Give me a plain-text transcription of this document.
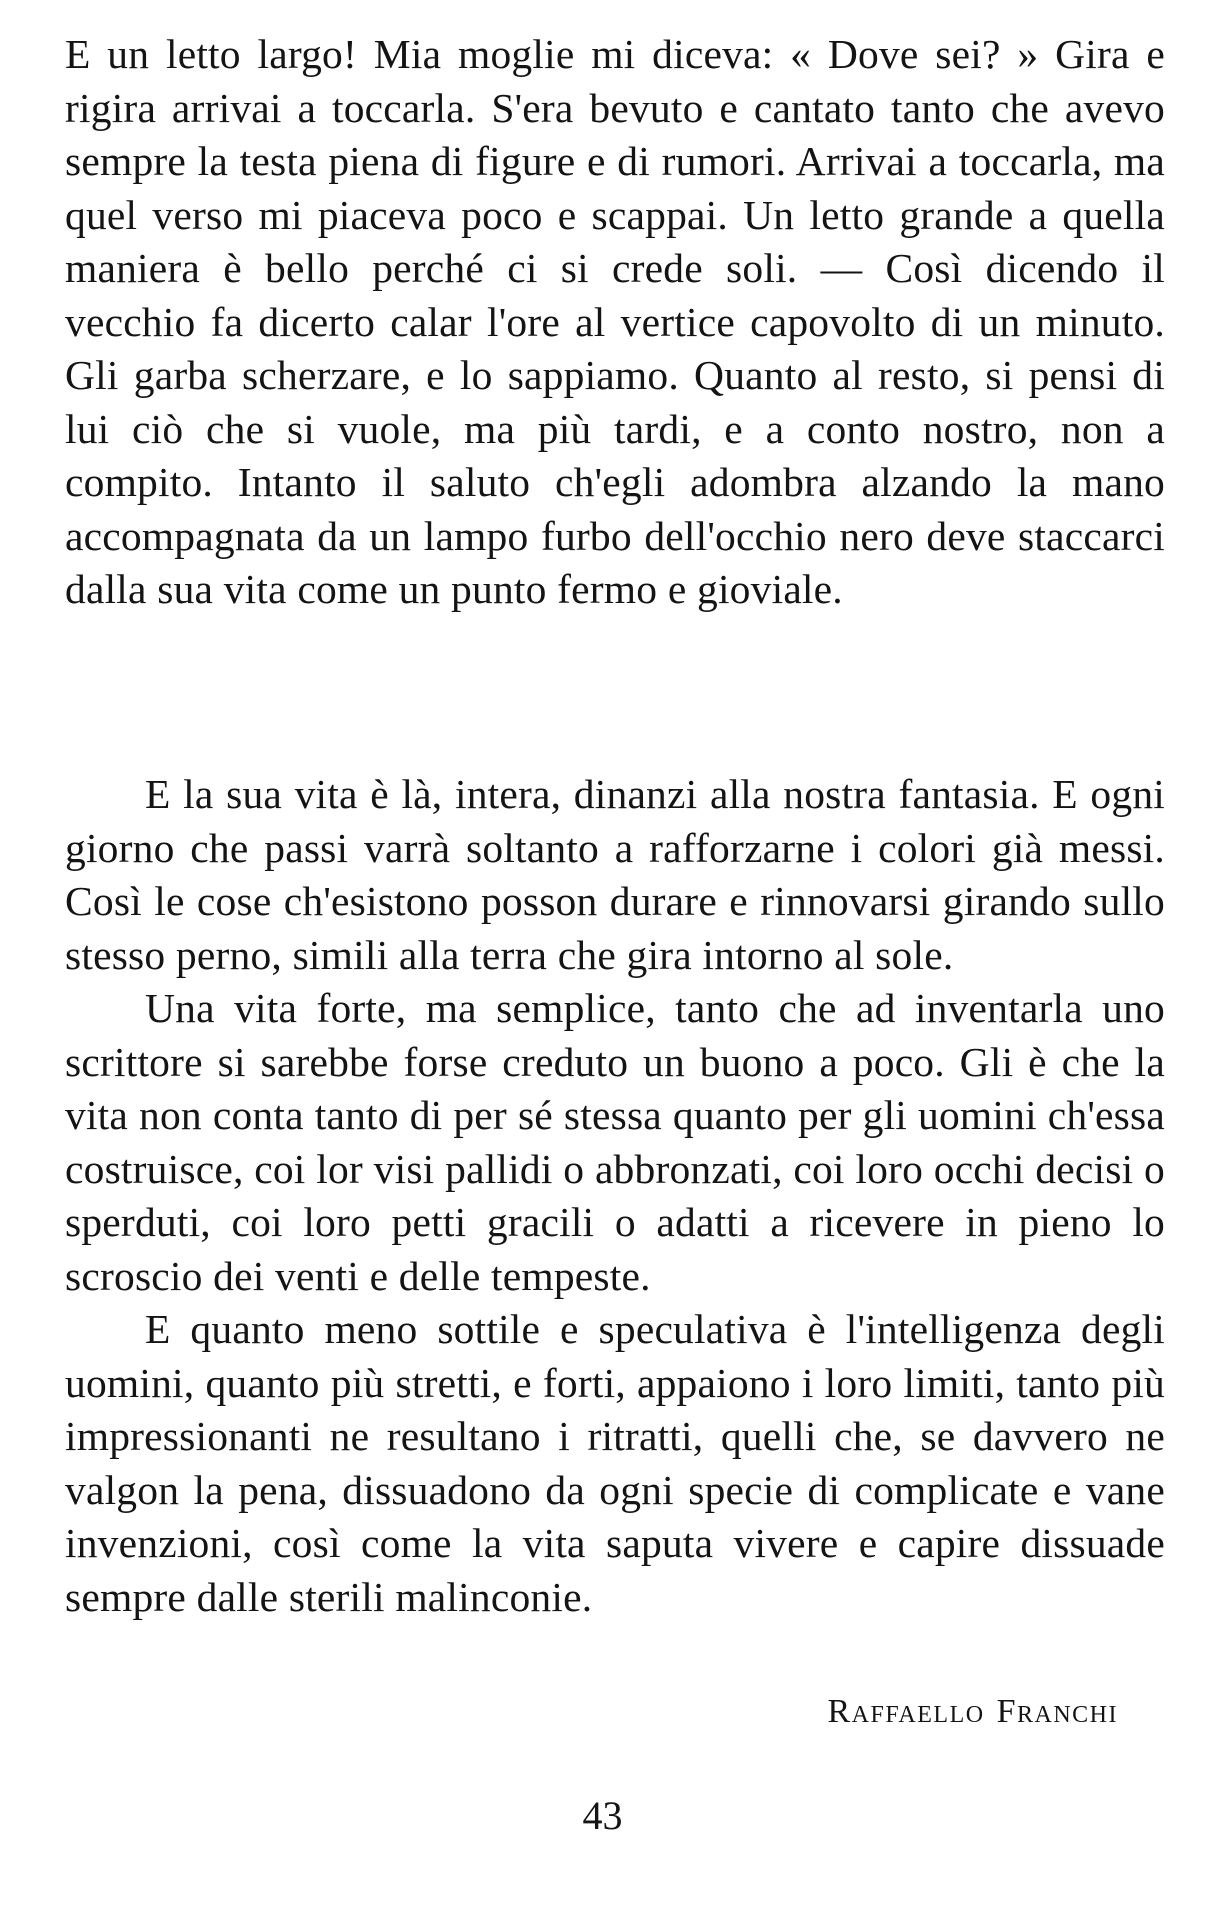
E un letto largo! Mia moglie mi diceva: « Dove sei? » Gira e rigira arrivai a toccarla. S'era bevuto e cantato tanto che avevo sempre la testa piena di figure e di rumori. Arrivai a toccarla, ma quel verso mi piaceva poco e scappai. Un letto grande a quella maniera è bello perché ci si crede soli. — Così dicendo il vecchio fa dicerto calar l'ore al vertice capovolto di un minuto. Gli garba scherzare, e lo sappiamo. Quanto al resto, si pensi di lui ciò che si vuole, ma più tardi, e a conto nostro, non a compito. Intanto il saluto ch'egli adombra alzando la mano accompagnata da un lampo furbo dell'occhio nero deve staccarci dalla sua vita come un punto fermo e gioviale.

E la sua vita è là, intera, dinanzi alla nostra fantasia. E ogni giorno che passi varrà soltanto a rafforzarne i colori già messi. Così le cose ch'esistono posson durare e rinnovarsi girando sullo stesso perno, simili alla terra che gira intorno al sole.

Una vita forte, ma semplice, tanto che ad inventarla uno scrittore si sarebbe forse creduto un buono a poco. Gli è che la vita non conta tanto di per sé stessa quanto per gli uomini ch'essa costruisce, coi lor visi pallidi o abbronzati, coi loro occhi decisi o sperduti, coi loro petti gracili o adatti a ricevere in pieno lo scroscio dei venti e delle tempeste.

E quanto meno sottile e speculativa è l'intelligenza degli uomini, quanto più stretti, e forti, appaiono i loro limiti, tanto più impressionanti ne resultano i ritratti, quelli che, se davvero ne valgon la pena, dissuadono da ogni specie di complicate e vane invenzioni, così come la vita saputa vivere e capire dissuade sempre dalle sterili malinconie.

Raffaello Franchi
43
